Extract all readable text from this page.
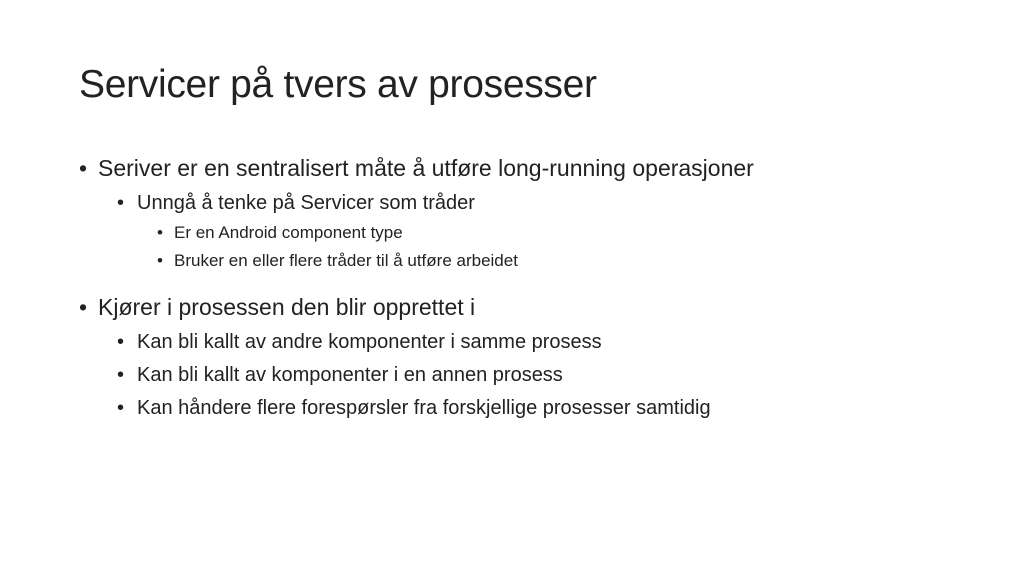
Servicer på tvers av prosesser
• Seriver er en sentralisert måte å utføre long-running operasjoner
• Unngå å tenke på Servicer som tråder
• Er en Android component type
• Bruker en eller flere tråder til å utføre arbeidet
• Kjører i prosessen den blir opprettet i
• Kan bli kallt av andre komponenter i samme prosess
• Kan bli kallt av komponenter i en annen prosess
• Kan håndere flere forespørsler fra forskjellige prosesser samtidig
